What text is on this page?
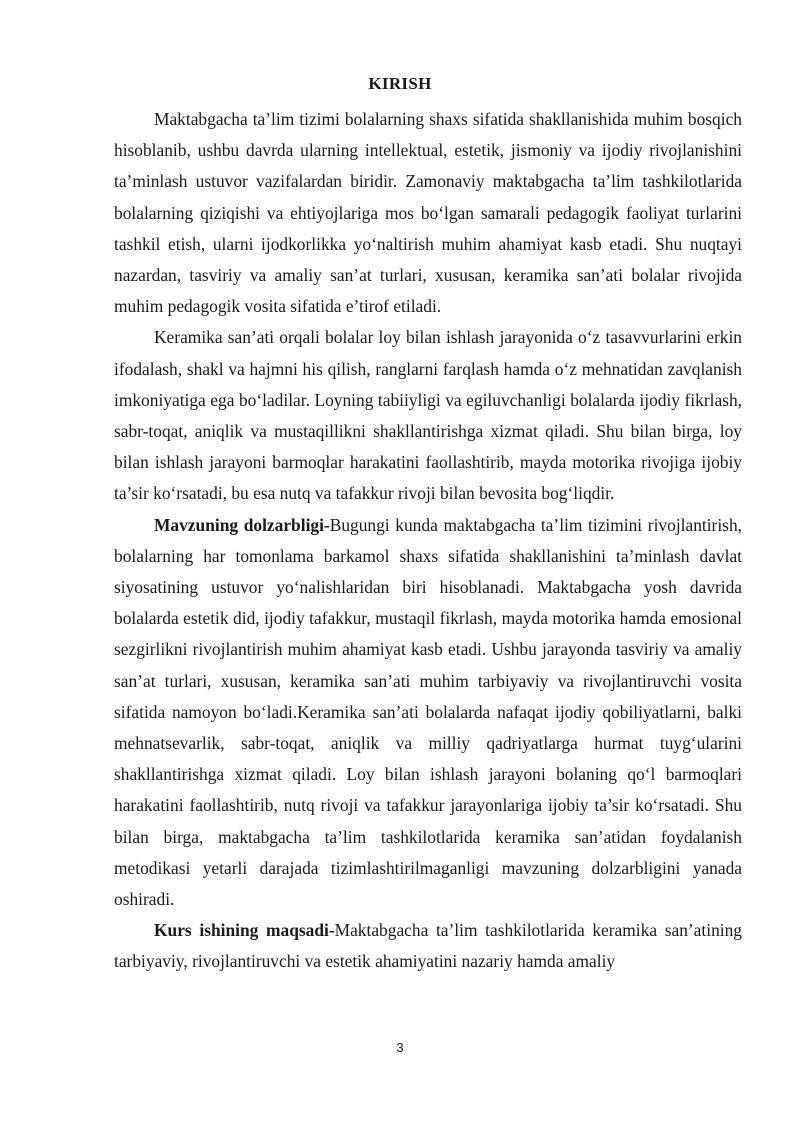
KIRISH

Maktabgacha ta’lim tizimi bolalarning shaxs sifatida shakllanishida muhim bosqich hisoblanib, ushbu davrda ularning intellektual, estetik, jismoniy va ijodiy rivojlanishini ta’minlash ustuvor vazifalardan biridir. Zamonaviy maktabgacha ta’lim tashkilotlarida bolalarning qiziqishi va ehtiyojlariga mos bo‘lgan samarali pedagogik faoliyat turlarini tashkil etish, ularni ijodkorlikka yo‘naltirish muhim ahamiyat kasb etadi. Shu nuqtayi nazardan, tasviriy va amaliy san’at turlari, xususan, keramika san’ati bolalar rivojida muhim pedagogik vosita sifatida e’tirof etiladi.

Keramika san’ati orqali bolalar loy bilan ishlash jarayonida o‘z tasavvurlarini erkin ifodalash, shakl va hajmni his qilish, ranglarni farqlash hamda o‘z mehnatidan zavqlanish imkoniyatiga ega bo‘ladilar. Loyning tabiiyligi va egiluvchanligi bolalarda ijodiy fikrlash, sabr-toqat, aniqlik va mustaqillikni shakllantirishga xizmat qiladi. Shu bilan birga, loy bilan ishlash jarayoni barmoqlar harakatini faollashtirib, mayda motorika rivojiga ijobiy ta’sir ko‘rsatadi, bu esa nutq va tafakkur rivoji bilan bevosita bog‘liqdir.

Mavzuning dolzarbligi-Bugungi kunda maktabgacha ta’lim tizimini rivojlantirish, bolalarning har tomonlama barkamol shaxs sifatida shakllanishini ta’minlash davlat siyosatining ustuvor yo‘nalishlaridan biri hisoblanadi. Maktabgacha yosh davrida bolalarda estetik did, ijodiy tafakkur, mustaqil fikrlash, mayda motorika hamda emosional sezgirlikni rivojlantirish muhim ahamiyat kasb etadi. Ushbu jarayonda tasviriy va amaliy san’at turlari, xususan, keramika san’ati muhim tarbiyaviy va rivojlantiruvchi vosita sifatida namoyon bo‘ladi.Keramika san’ati bolalarda nafaqat ijodiy qobiliyatlarni, balki mehnatsevarlik, sabr-toqat, aniqlik va milliy qadriyatlarga hurmat tuyg‘ularini shakllantirishga xizmat qiladi. Loy bilan ishlash jarayoni bolaning qo‘l barmoqlari harakatini faollashtirib, nutq rivoji va tafakkur jarayonlariga ijobiy ta’sir ko‘rsatadi. Shu bilan birga, maktabgacha ta’lim tashkilotlarida keramika san’atidan foydalanish metodikasi yetarli darajada tizimlashtirilmaganligi mavzuning dolzarbligini yanada oshiradi.

Kurs ishining maqsadi-Maktabgacha ta’lim tashkilotlarida keramika san’atining tarbiyaviy, rivojlantiruvchi va estetik ahamiyatini nazariy hamda amaliy

3
